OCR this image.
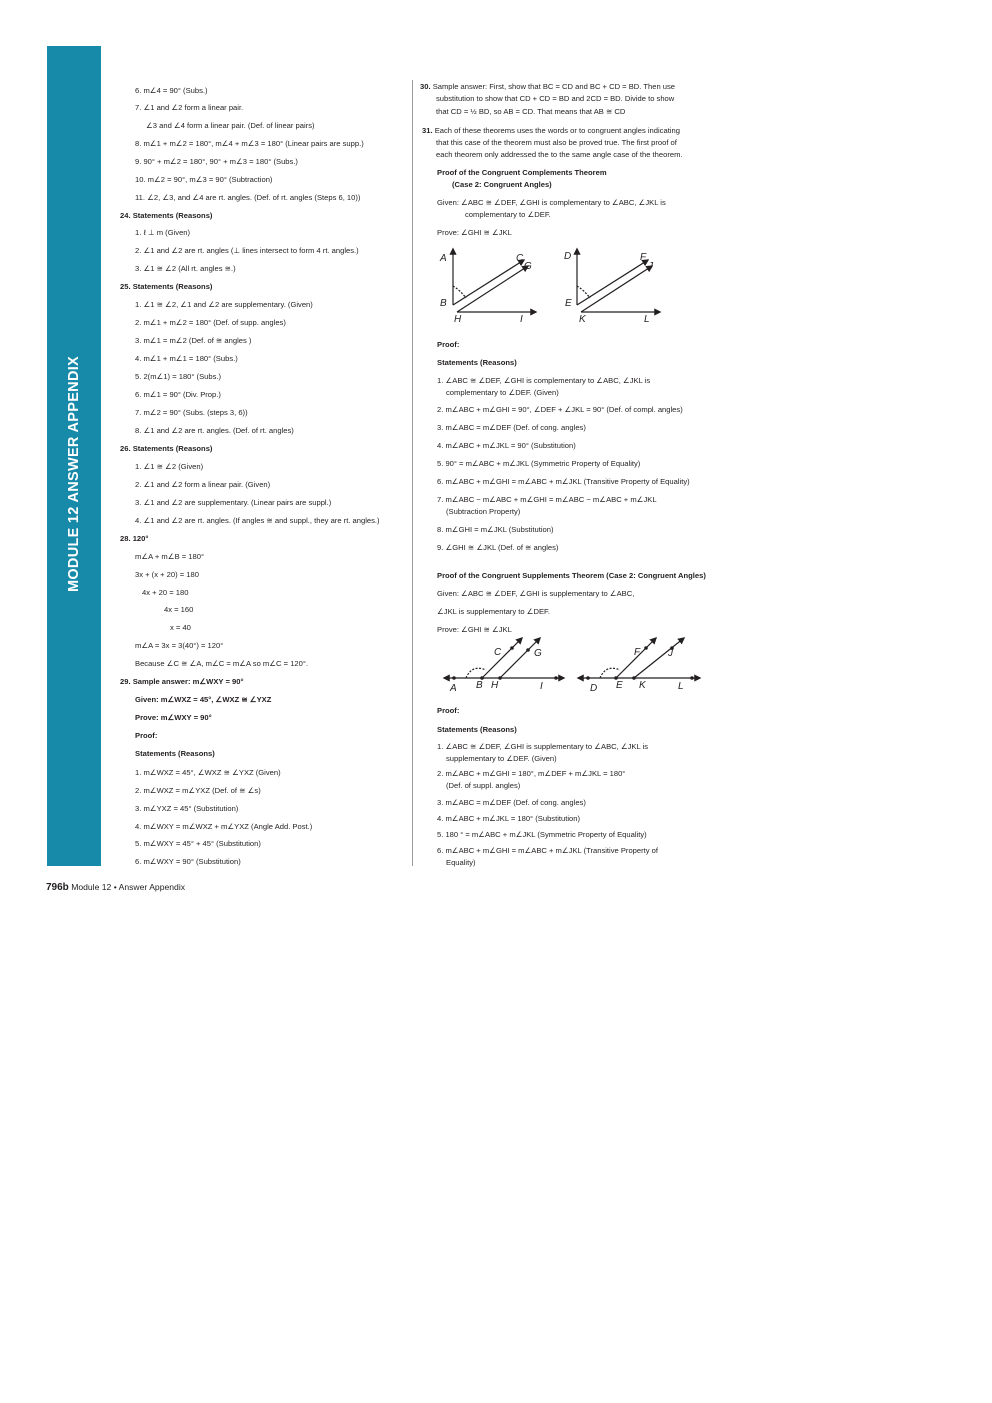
MODULE 12 ANSWER APPENDIX
6. m∠4 = 90° (Subs.)
7. ∠1 and ∠2 form a linear pair.
∠3 and ∠4 form a linear pair. (Def. of linear pairs)
8. m∠1 + m∠2 = 180°, m∠4 + m∠3 = 180° (Linear pairs are supp.)
9. 90° + m∠2 = 180°, 90° + m∠3 = 180° (Subs.)
10. m∠2 = 90°, m∠3 = 90° (Subtraction)
11. ∠2, ∠3, and ∠4 are rt. angles. (Def. of rt. angles (Steps 6, 10))
24. Statements (Reasons)
1. ℓ ⊥ m (Given)
2. ∠1 and ∠2 are rt. angles (⊥ lines intersect to form 4 rt. angles.)
3. ∠1 ≅ ∠2 (All rt. angles ≅.)
25. Statements (Reasons)
1. ∠1 ≅ ∠2, ∠1 and ∠2 are supplementary. (Given)
2. m∠1 + m∠2 = 180° (Def. of supp. angles)
3. m∠1 = m∠2 (Def. of ≅ angles )
4. m∠1 + m∠1 = 180° (Subs.)
5. 2(m∠1) = 180° (Subs.)
6. m∠1 = 90° (Div. Prop.)
7. m∠2 = 90° (Subs. (steps 3, 6))
8. ∠1 and ∠2 are rt. angles. (Def. of rt. angles)
26. Statements (Reasons)
1. ∠1 ≅ ∠2 (Given)
2. ∠1 and ∠2 form a linear pair. (Given)
3. ∠1 and ∠2 are supplementary. (Linear pairs are suppl.)
4. ∠1 and ∠2 are rt. angles. (If angles ≅ and suppl., they are rt. angles.)
28. 120°
m∠A + m∠B = 180°
3x + (x + 20) = 180
4x + 20 = 180
4x = 160
x = 40
m∠A = 3x = 3(40°) = 120°
Because ∠C ≅ ∠A, m∠C = m∠A so m∠C = 120°.
29. Sample answer: m∠WXY = 90°
Given: m∠WXZ = 45°, ∠WXZ ≅ ∠YXZ
Prove: m∠WXY = 90°
Proof:
Statements (Reasons)
1. m∠WXZ = 45°, ∠WXZ ≅ ∠YXZ (Given)
2. m∠WXZ = m∠YXZ (Def. of ≅ ∠s)
3. m∠YXZ = 45° (Substitution)
4. m∠WXY = m∠WXZ + m∠YXZ (Angle Add. Post.)
5. m∠WXY = 45° + 45° (Substitution)
6. m∠WXY = 90° (Substitution)
30. Sample answer: First, show that BC = CD and BC + CD = BD. Then use
substitution to show that CD + CD = BD and 2CD = BD. Divide to show
that CD = ½ BD, so AB = CD. That means that AB ≅ CD
31. Each of these theorems uses the words or to congruent angles indicating
that this case of the theorem must also be proved true. The first proof of
each theorem only addressed the to the same angle case of the theorem.
Proof of the Congruent Complements Theorem
(Case 2: Congruent Angles)
Given: ∠ABC ≅ ∠DEF, ∠GHI is complementary to ∠ABC, ∠JKL is
complementary to ∠DEF.
Prove: ∠GHI ≅ ∠JKL
Proof:
Statements (Reasons)
1. ∠ABC ≅ ∠DEF, ∠GHI is complementary to ∠ABC, ∠JKL is
complementary to ∠DEF. (Given)
2. m∠ABC + m∠GHI = 90°, ∠DEF + ∠JKL = 90° (Def. of compl. angles)
3. m∠ABC = m∠DEF (Def. of cong. angles)
4. m∠ABC + m∠JKL = 90° (Substitution)
5. 90° = m∠ABC + m∠JKL (Symmetric Property of Equality)
6. m∠ABC + m∠GHI = m∠ABC + m∠JKL (Transitive Property of Equality)
7. m∠ABC − m∠ABC + m∠GHI = m∠ABC − m∠ABC + m∠JKL
(Subtraction Property)
8. m∠GHI = m∠JKL (Substitution)
9. ∠GHI ≅ ∠JKL (Def. of ≅ angles)
Proof of the Congruent Supplements Theorem (Case 2: Congruent Angles)
Given: ∠ABC ≅ ∠DEF, ∠GHI is supplementary to ∠ABC,
∠JKL is supplementary to ∠DEF.
Prove: ∠GHI ≅ ∠JKL
Proof:
Statements (Reasons)
1. ∠ABC ≅ ∠DEF, ∠GHI is supplementary to ∠ABC, ∠JKL is
supplementary to ∠DEF. (Given)
2. m∠ABC + m∠GHI = 180°, m∠DEF + m∠JKL = 180°
(Def. of suppl. angles)
3. m∠ABC = m∠DEF (Def. of cong. angles)
4. m∠ABC + m∠JKL = 180° (Substitution)
5. 180 ° = m∠ABC + m∠JKL (Symmetric Property of Equality)
6. m∠ABC + m∠GHI = m∠ABC + m∠JKL (Transitive Property of
Equality)
A
B
C
G
H	I
D
E
F
J
K	L
A B
C	G
H	I	D E
F	J
K	L
796b Module 12 • Answer Appendix
